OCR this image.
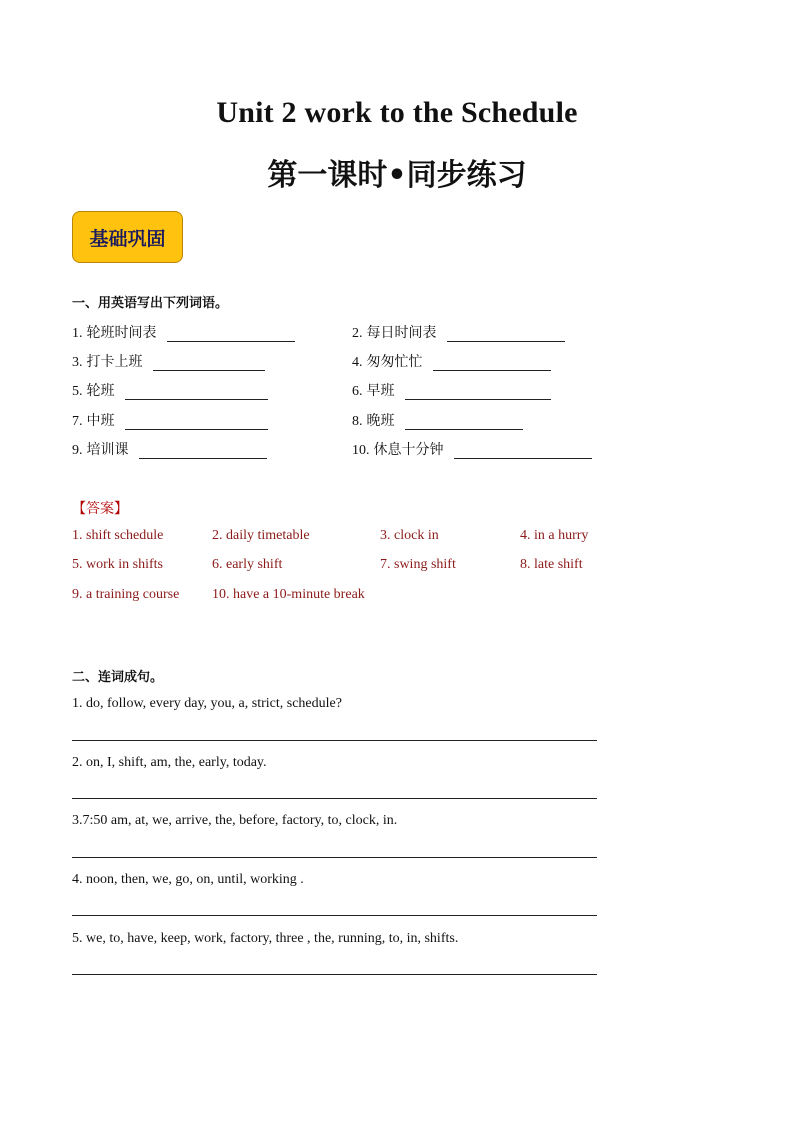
Unit 2 work to the Schedule
第一课时•同步练习
基础巩固
一、用英语写出下列词语。
1. 轮班时间表	2. 每日时间表
3. 打卡上班	4. 匆匆忙忙
5. 轮班	6. 早班
7. 中班	8. 晚班
9. 培训课	10. 休息十分钟
【答案】
1. shift schedule	2. daily timetable	3. clock in	4. in a hurry
5. work in shifts	6. early shift	7. swing shift	8. late shift
9. a training course 10. have a 10-minute break
二、连词成句。
1. do, follow, every day, you, a, strict, schedule?
2. on, I, shift, am, the, early, today.
3.7:50 am, at, we, arrive, the, before, factory, to, clock, in.
4. noon, then, we, go, on, until, working .
5. we, to, have, keep, work, factory, three , the, running, to, in, shifts.
